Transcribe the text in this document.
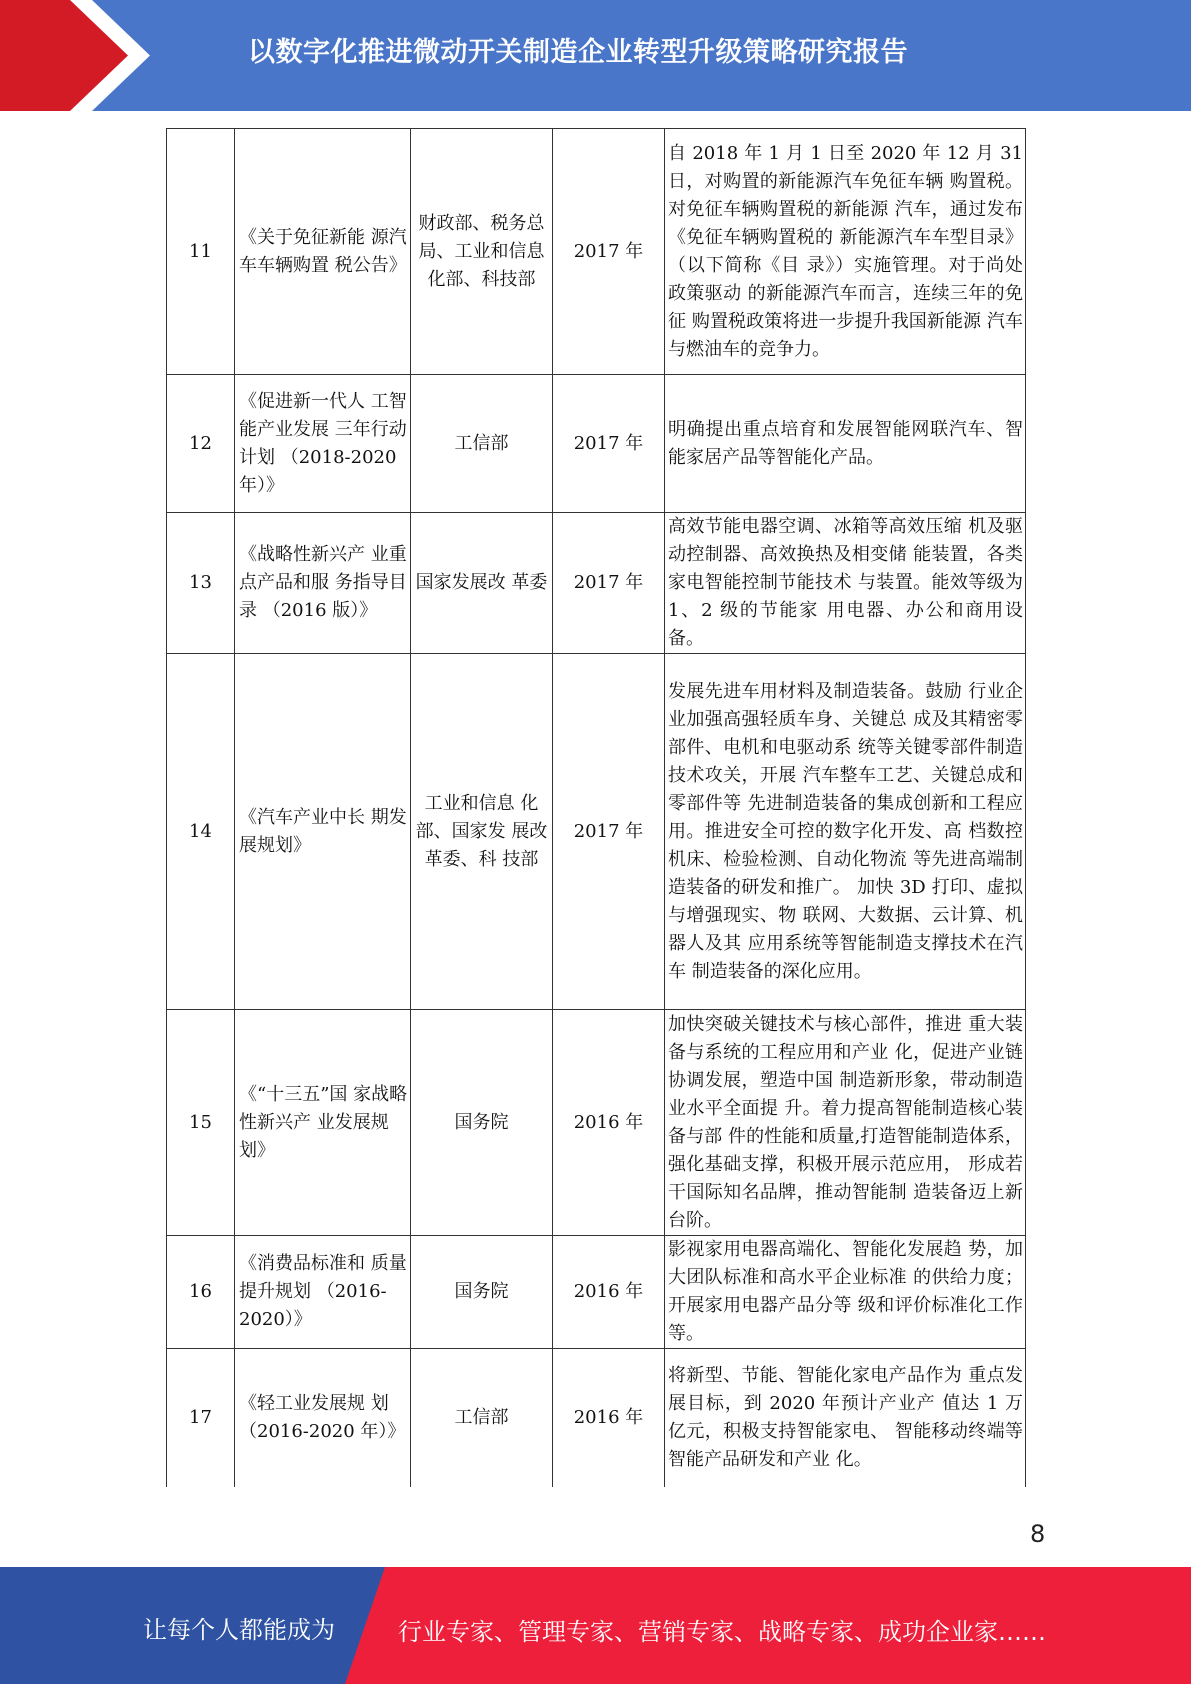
以数字化推进微动开关制造企业转型升级策略研究报告
11	《关于免征新能 源汽车车辆购置 税公告》	财政部、税务总局、工业和信息化部、科技部	2017 年	自 2018 年 1 月 1 日至 2020 年 12 月 31 日，对购置的新能源汽车免征车辆 购置税。对免征车辆购置税的新能源 汽车，通过发布《免征车辆购置税的 新能源汽车车型目录》（以下简称《目 录》）实施管理。对于尚处政策驱动 的新能源汽车而言，连续三年的免征 购置税政策将进一步提升我国新能源 汽车与燃油车的竞争力。
12	《促进新一代人 工智能产业发展 三年行动计划 （2018-2020 年）》	工信部	2017 年	明确提出重点培育和发展智能网联汽车、智能家居产品等智能化产品。
13	《战略性新兴产 业重点产品和服 务指导目录 （2016 版）》	国家发展改 革委	2017 年	高效节能电器空调、冰箱等高效压缩 机及驱动控制器、高效换热及相变储 能装置，各类家电智能控制节能技术 与装置。能效等级为 1、2 级的节能家 用电器、办公和商用设备。
14	《汽车产业中长 期发展规划》	工业和信息 化部、国家发 展改革委、科 技部	2017 年	发展先进车用材料及制造装备。鼓励 行业企业加强高强轻质车身、关键总 成及其精密零部件、电机和电驱动系 统等关键零部件制造技术攻关，开展 汽车整车工艺、关键总成和零部件等 先进制造装备的集成创新和工程应 用。推进安全可控的数字化开发、高 档数控机床、检验检测、自动化物流 等先进高端制造装备的研发和推广。 加快 3D 打印、虚拟与增强现实、物 联网、大数据、云计算、机器人及其 应用系统等智能制造支撑技术在汽车 制造装备的深化应用。
15	《“十三五”国 家战略性新兴产 业发展规划》	国务院	2016 年	加快突破关键技术与核心部件，推进 重大装备与系统的工程应用和产业 化，促进产业链协调发展，塑造中国 制造新形象，带动制造业水平全面提 升。着力提高智能制造核心装备与部 件的性能和质量,打造智能制造体系，强化基础支撑，积极开展示范应用， 形成若干国际知名品牌，推动智能制 造装备迈上新台阶。
16	《消费品标准和 质量提升规划 （2016-2020）》	国务院	2016 年	影视家用电器高端化、智能化发展趋 势，加大团队标准和高水平企业标准 的供给力度；开展家用电器产品分等 级和评价标准化工作等。
17	《轻工业发展规 划（2016-2020 年）》	工信部	2016 年	将新型、节能、智能化家电产品作为 重点发展目标，到 2020 年预计产业产 值达 1 万亿元，积极支持智能家电、 智能移动终端等智能产品研发和产业 化。
8
让每个人都能成为	行业专家、管理专家、营销专家、战略专家、成功企业家……
